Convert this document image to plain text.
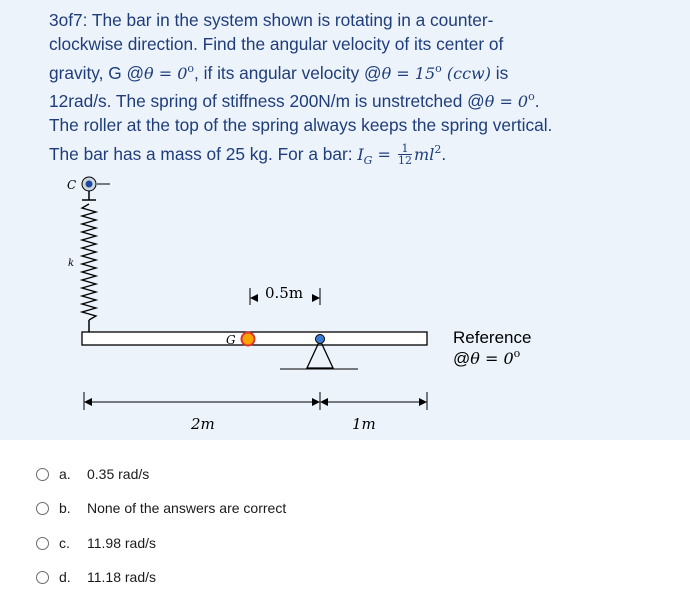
3of7: The bar in the system shown is rotating in a counter-
clockwise direction. Find the angular velocity of its center of
gravity, G @θ = $0^o$, if its angular velocity @θ = $15^o$ (ccw) is
12rad/s. The spring of stiffness 200N/m is unstretched @θ = $0^o$.
The roller at the top of the spring always keeps the spring vertical.
The bar has a mass of 25 kg. For a bar: $I_G = \frac{1}{12} ml^2$.
C
k
G
0.5m
2m	1m
Reference
@θ = $0^o$
a.	0.35 rad/s
b.	None of the answers are correct
c.	11.98 rad/s
d.	11.18 rad/s
